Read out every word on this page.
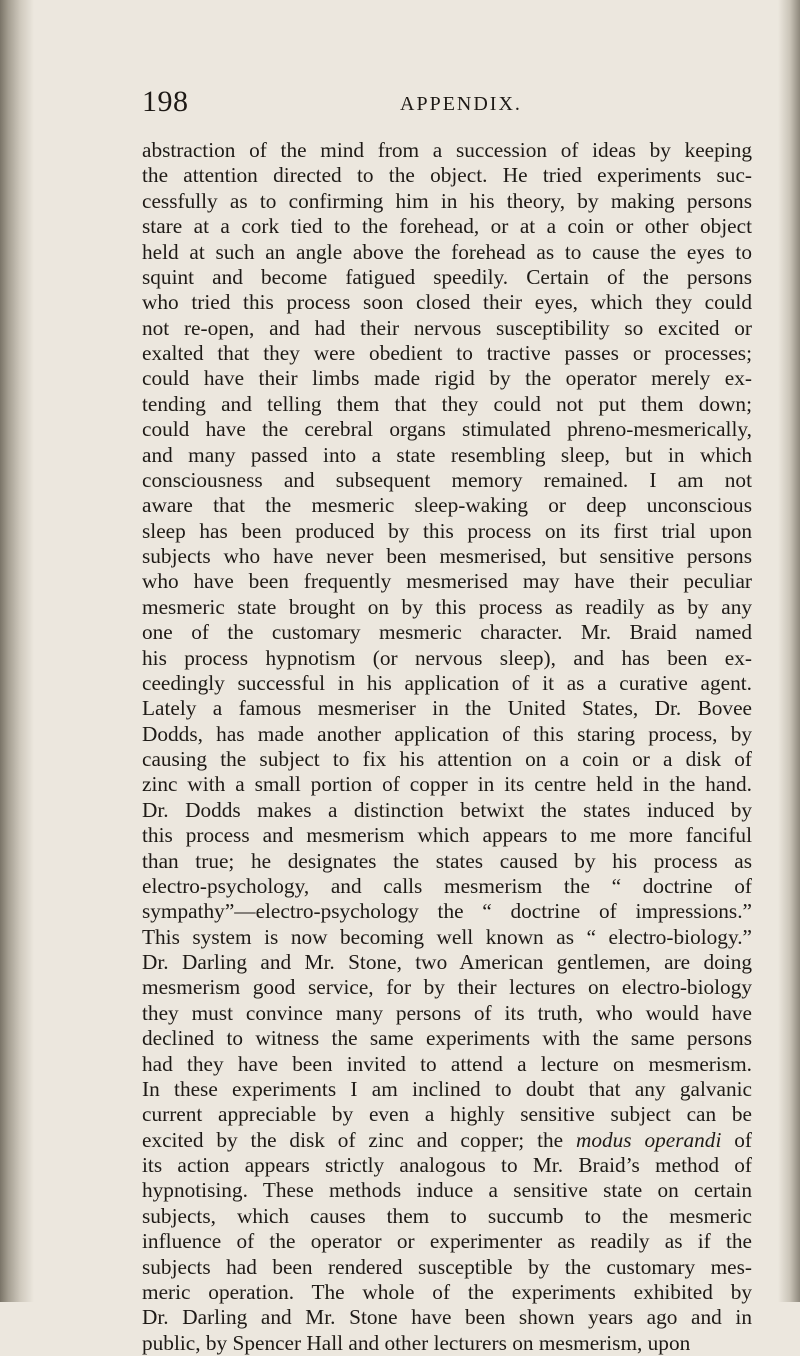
198	APPENDIX.
abstraction of the mind from a succession of ideas by keeping
the attention directed to the object. He tried experiments suc-
cessfully as to confirming him in his theory, by making persons
stare at a cork tied to the forehead, or at a coin or other object
held at such an angle above the forehead as to cause the eyes to
squint and become fatigued speedily. Certain of the persons
who tried this process soon closed their eyes, which they could
not re-open, and had their nervous susceptibility so excited or
exalted that they were obedient to tractive passes or processes;
could have their limbs made rigid by the operator merely ex-
tending and telling them that they could not put them down;
could have the cerebral organs stimulated phreno-mesmerically,
and many passed into a state resembling sleep, but in which
consciousness and subsequent memory remained. I am not
aware that the mesmeric sleep-waking or deep unconscious
sleep has been produced by this process on its first trial upon
subjects who have never been mesmerised, but sensitive persons
who have been frequently mesmerised may have their peculiar
mesmeric state brought on by this process as readily as by any
one of the customary mesmeric character. Mr. Braid named
his process hypnotism (or nervous sleep), and has been ex-
ceedingly successful in his application of it as a curative agent.
Lately a famous mesmeriser in the United States, Dr. Bovee
Dodds, has made another application of this staring process, by
causing the subject to fix his attention on a coin or a disk of
zinc with a small portion of copper in its centre held in the hand.
Dr. Dodds makes a distinction betwixt the states induced by
this process and mesmerism which appears to me more fanciful
than true; he designates the states caused by his process as
electro-psychology, and calls mesmerism the “ doctrine of
sympathy”—electro-psychology the “ doctrine of impressions.”
This system is now becoming well known as “ electro-biology.”
Dr. Darling and Mr. Stone, two American gentlemen, are doing
mesmerism good service, for by their lectures on electro-biology
they must convince many persons of its truth, who would have
declined to witness the same experiments with the same persons
had they have been invited to attend a lecture on mesmerism.
In these experiments I am inclined to doubt that any galvanic
current appreciable by even a highly sensitive subject can be
excited by the disk of zinc and copper; the modus operandi of
its action appears strictly analogous to Mr. Braid’s method of
hypnotising. These methods induce a sensitive state on certain
subjects, which causes them to succumb to the mesmeric
influence of the operator or experimenter as readily as if the
subjects had been rendered susceptible by the customary mes-
meric operation. The whole of the experiments exhibited by
Dr. Darling and Mr. Stone have been shown years ago and in
public, by Spencer Hall and other lecturers on mesmerism, upon
